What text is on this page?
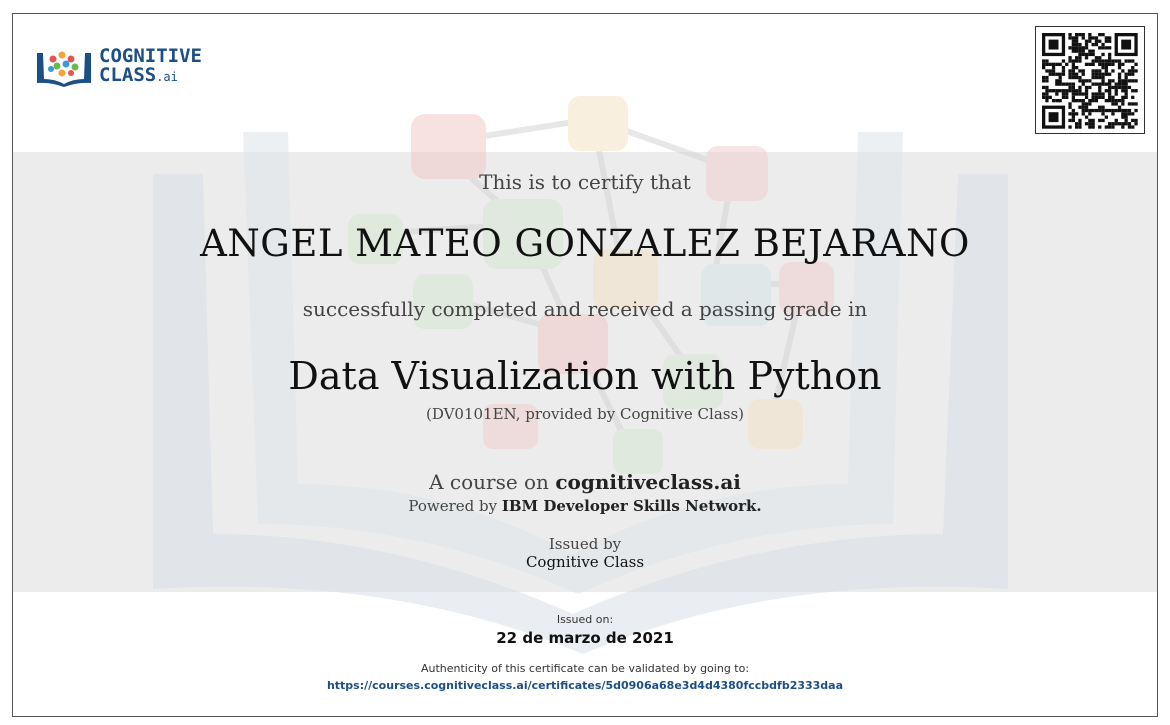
COGNITIVE
CLASS.ai
This is to certify that
ANGEL MATEO GONZALEZ BEJARANO
successfully completed and received a passing grade in
Data Visualization with Python
(DV0101EN, provided by Cognitive Class)
A course on cognitiveclass.ai
Powered by IBM Developer Skills Network.
Issued by
Cognitive Class
Issued on:
22 de marzo de 2021
Authenticity of this certificate can be validated by going to:
https://courses.cognitiveclass.ai/certificates/5d0906a68e3d4d4380fccbdfb2333daa
